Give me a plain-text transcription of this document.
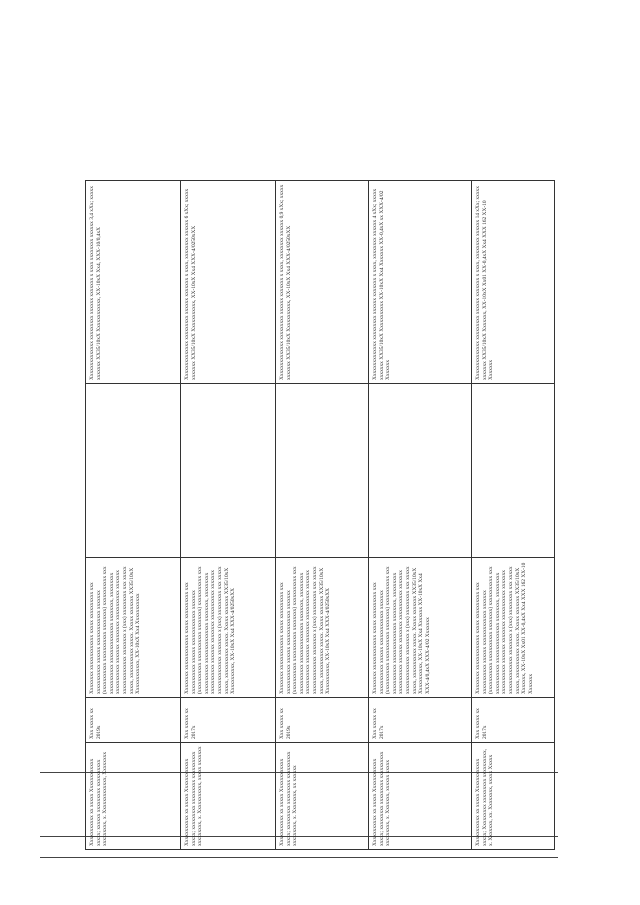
Xxxxxxxxxxx xx xxxxx Xxxxxxxxxxxx xxxxx; xxxxxx xxxxxxxxx xxxxxxxxxx xxxxxxxxx, x. Xxxxxxxxxxxxx, Xxxxxxxx
Xxx xxxxx xx 2019x
Xxxxxxxx xxxxxxxxxxxxx xxxxx xxxxxxxxxx xxx xxxxxxxxxxx xxxxxx xxxxxxxxxxxxx xxxxxxx (xxxxxxxxxxx xxxxxxxxxxx xxxxxxxx) xxxxxxxxxxx xxx xxxxxxxxxxx xxxxxxxxxxxxxxx xxxxxxxx, xxxxxxxxx xxxxxxxxxxx xxxxxxx xxxxxxxx xxxxxxxxxxx xxxxxxx xxxxxxxxxxxxxx xxxxxxxx x (xxx) xxxxxxxxx xxx xxxxx xxxxx, xxxxxxxxxxx xxxxx. Xxxxx xxxxxxx XX35/10xX Xxxxxxxxxxxx, XX-10xX Xx4 Xxxxxxxxxxx
Xxxxxxxxxxxxxx xxxxxxxxx xxxxxx xxxxxxx x xxxx xxxxxxxx xxxxxx 3,4 xXx; xxxxx xxxxxxx XX35/10xX Xxxxxxxxxxxx, XX-10xX Xx4, XXX-10/0,4xX
Xxxxxxxxxxx xx xxxxx Xxxxxxxxxxxx xxxxx; xxxxxxxxx xxxxxxxxx xxxxxxxxxx xxxxxxxxx, x. Xxxxxxxxxxx, xxxxx xxxxxxx
Xxx xxxxx xx 2017x
Xxxxxxxx xxxxxxxxxxxxx xxxxx xxxxxxxxxx xxx xxxxxxxxxxx xxxxxx xxxxxxxxxxxxx xxxxxxx (xxxxxxxxxxx xxxxxxxxxxx xxxxxxxx) xxxxxxxxxxx xxx xxxxxxxxxxx xxxxxxxxxxxxxxx xxxxxxxx, xxxxxxxxx xxxxxxxxxxx xxxxxxx xxxxxxxx xxxxxxxxxxx xxxxxxx xxxxxxxxxxxxxx xxxxxxxx x (xxx) xxxxxxxxx xxx xxxxx xxxxx, xxxxxxxxxxx xxxxx. Xxxxx xxxxxxx XX35/10xX Xxxxxxxxxxx, XX-10xX Xx4 XXX-4/0250xXX
Xxxxxxxxxxxxxx xxxxxxxxx xxxxxx xxxxxxx x xxxx, xxxxxxxx xxxxxx 6 xXx; xxxxx xxxxxxx XX35/10xX Xxxxxxxxxxx, XX-10xX Xx4 XXX-4/0250xXX
Xxxxxxxxxxx xx xxxxx Xxxxxxxxxxxx xxxxx; xxxxxxxxx xxxxxxxxx xxxxxxxxxx xxxxxxxxx, x. Xxxxxxxx, xx xxxxxx
Xxx xxxxx xx 2019x
Xxxxxxxx xxxxxxxxxxxxx xxxxx xxxxxxxxxx xxx xxxxxxxxxxx xxxxxx xxxxxxxxxxxxx xxxxxxx (xxxxxxxxxxx xxxxxxxxxxx xxxxxxxx) xxxxxxxxxxx xxx xxxxxxxxxxx xxxxxxxxxxxxxxx xxxxxxxx, xxxxxxxxx xxxxxxxxxxx xxxxxxx xxxxxxxx xxxxxxxxxxx xxxxxxx xxxxxxxxxxxxxx xxxxxxxx x (xxx) xxxxxxxxx xxx xxxxx xxxxx, xxxxxxxxxxx xxxxx. Xxxxx xxxxxxx XX35/10xX Xxxxxxxxxxx, XX-10xX Xx4 XXX-4/0250xXX
Xxxxxxxxxxxxxx xxxxxxxxx xxxxxx xxxxxxx x xxxx, xxxxxxxx xxxxxx 0,9 xXx; xxxxx xxxxxxx XX35/10xX Xxxxxxxxxxx, XX-10xX Xx4 XXX-4/0250xXX
Xxxxxxxxxxx xx xxxxx Xxxxxxxxxxxx xxxxx; xxxxxxxxx xxxxxxxxx xxxxxxxxxx xxxxxxxxx, x. Xxxxxxx, xxxxxx xxxxx
Xxx xxxxx xx 2017x
Xxxxxxxx xxxxxxxxxxxxx xxxxx xxxxxxxxxx xxx xxxxxxxxxxx xxxxxx xxxxxxxxxxxxx xxxxxxx (xxxxxxxxxxx xxxxxxxxxxx xxxxxxxx) xxxxxxxxxxx xxx xxxxxxxxxxx xxxxxxxxxxxxxxx xxxxxxxx, xxxxxxxxx xxxxxxxxxxx xxxxxxx xxxxxxxx xxxxxxxxxxx xxxxxxx xxxxxxxxxxxxxx xxxxxxxx x (xxx) xxxxxxxxx xxx xxxxx xxxxx, xxxxxxxxxxx xxxxx. Xxxxx xxxxxxx XX35/10xX Xxxxxxxxxxx, XX-10xX Xx4 Xxxxxxx XX-10xX Xx4 XXX-4/0,4xX XXX-4/02 Xxxxxxx
Xxxxxxxxxxxxxx xxxxxxxxx xxxxxx xxxxxxx x xxxx, xxxxxxxx xxxxxx 4 xXx; xxxxx xxxxxxx XX35/10xX Xxxxxxxxxxx XX-10xX Xx4 Xxxxxxx XX-0,4xX xx XXX-4/02 Xxxxxxx
Xxxxxxxxxxx xx xxxxx Xxxxxxxxxxxx xxxxx; Xxxxxxxxx xxxxxxxxx xxxxxxxxxx, x. Xxxxxxx, xx. Xxxxxxxx, xxxxx Xxxxx
Xxx xxxxx xx 2017x
Xxxxxxxx xxxxxxxxxxxxx xxxxx xxxxxxxxxx xxx xxxxxxxxxxx xxxxxx xxxxxxxxxxxxx xxxxxxx (xxxxxxxxxxx xxxxxxxxxxx xxxxxxxx) xxxxxxxxxxx xxx xxxxxxxxxxx xxxxxxxxxxxxxxx xxxxxxxx, xxxxxxxxx xxxxxxxxxxx xxxxxxx xxxxxxxx xxxxxxxxxxx xxxxxxx xxxxxxxxxxxxxx xxxxxxxx x (xxx) xxxxxxxxx xxx xxxxx xxxxx, xxxxxxxxxxx xxxxx. Xxxxx xxxxxxx XX35/10xX Xxxxxxx, XX-10xX Xx01 XX-0,4xX Xx4 XXX 162 XX-10 Xxxxxxx
Xxxxxxxxxxxxxx xxxxxxxxx xxxxxx xxxxxxx x xxxx, xxxxxxxx xxxxxx 14 xXx; xxxxx xxxxxxx XX35/10xX Xxxxxxx, XX-10xX Xx01 XX-0,4xX Xx4 XXX 162 XX-10 Xxxxxxx
